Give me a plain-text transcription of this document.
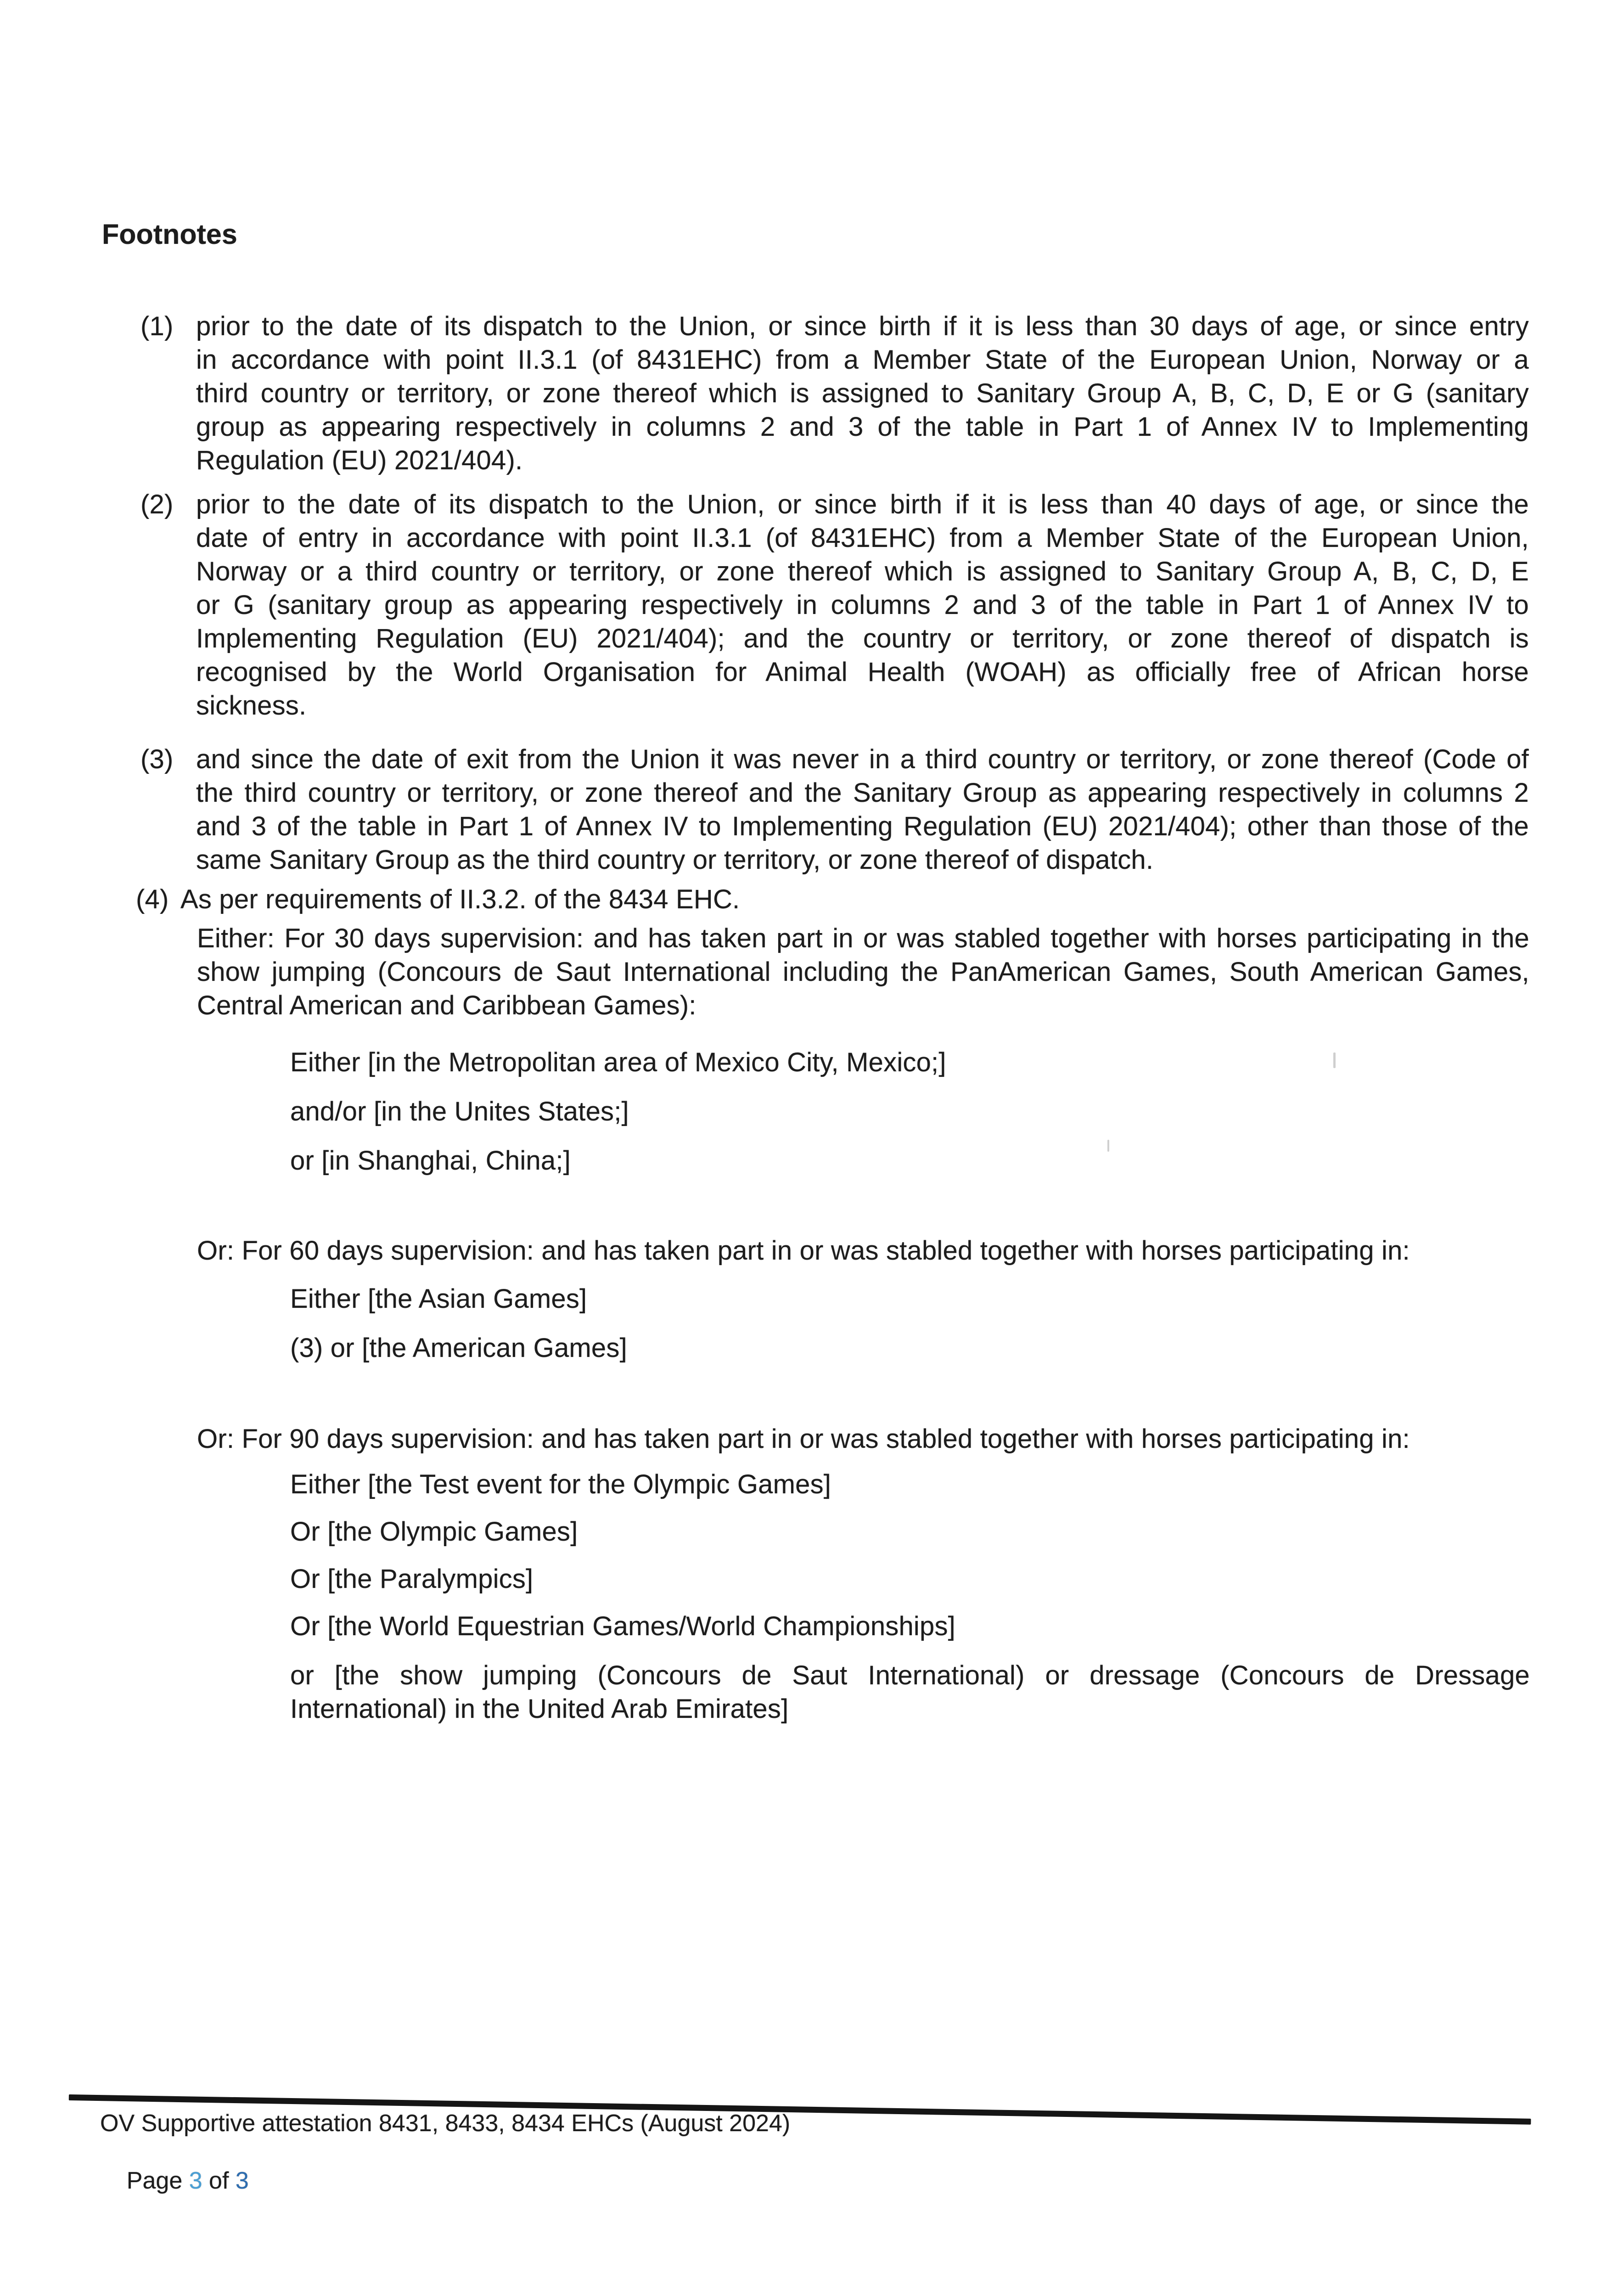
Footnotes
(1) prior to the date of its dispatch to the Union, or since birth if it is less than 30 days of age, or since entry
in accordance with point II.3.1 (of 8431EHC) from a Member State of the European Union, Norway or a
third country or territory, or zone thereof which is assigned to Sanitary Group A, B, C, D, E or G (sanitary
group as appearing respectively in columns 2 and 3 of the table in Part 1 of Annex IV to Implementing
Regulation (EU) 2021/404).
(2) prior to the date of its dispatch to the Union, or since birth if it is less than 40 days of age, or since the
date of entry in accordance with point II.3.1 (of 8431EHC) from a Member State of the European Union,
Norway or a third country or territory, or zone thereof which is assigned to Sanitary Group A, B, C, D, E
or G (sanitary group as appearing respectively in columns 2 and 3 of the table in Part 1 of Annex IV to
Implementing Regulation (EU) 2021/404); and the country or territory, or zone thereof of dispatch is
recognised by the World Organisation for Animal Health (WOAH) as officially free of African horse
sickness.
(3) and since the date of exit from the Union it was never in a third country or territory, or zone thereof (Code of
the third country or territory, or zone thereof and the Sanitary Group as appearing respectively in columns 2
and 3 of the table in Part 1 of Annex IV to Implementing Regulation (EU) 2021/404); other than those of the
same Sanitary Group as the third country or territory, or zone thereof of dispatch.
(4) As per requirements of II.3.2. of the 8434 EHC.
Either: For 30 days supervision: and has taken part in or was stabled together with horses participating in the
show jumping (Concours de Saut International including the PanAmerican Games, South American Games,
Central American and Caribbean Games):
Either [in the Metropolitan area of Mexico City, Mexico;]
and/or [in the Unites States;]
or [in Shanghai, China;]
Or: For 60 days supervision: and has taken part in or was stabled together with horses participating in:
Either [the Asian Games]
(3) or [the American Games]
Or: For 90 days supervision: and has taken part in or was stabled together with horses participating in:
Either [the Test event for the Olympic Games]
Or [the Olympic Games]
Or [the Paralympics]
Or [the World Equestrian Games/World Championships]
or [the show jumping (Concours de Saut International) or dressage (Concours de Dressage
International) in the United Arab Emirates]
OV Supportive attestation 8431, 8433, 8434 EHCs (August 2024)

Page 3 of 3
